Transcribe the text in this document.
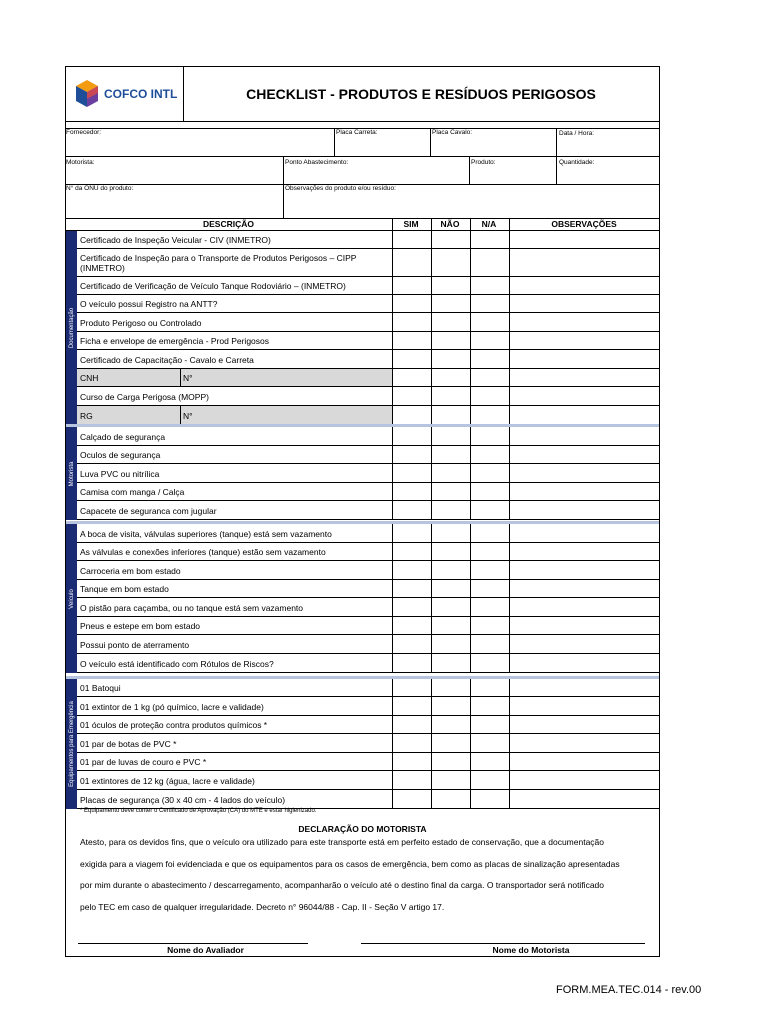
COFCO INTL	CHECKLIST - PRODUTOS E RESÍDUOS PERIGOSOS
Fornecedor:	Placa Carreta:	Placa Cavalo:	Data / Hora:
Motorista:	Ponto Abastecimento:	Produto:	Quantidade:
N° da ONU do produto:	Observações do produto e/ou resíduo:
DESCRIÇÃO	SIM	NÃO	N/A	OBSERVAÇÕES
Documentação
Certificado de Inspeção Veicular - CIV (INMETRO)
Certificado de Inspeção para o Transporte de Produtos Perigosos – CIPP (INMETRO)
Certificado de Verificação de Veículo Tanque Rodoviário – (INMETRO)
O veículo possui Registro na ANTT?
Produto Perigoso ou Controlado
Ficha e envelope de emergência - Prod Perigosos
Certificado de Capacitação - Cavalo e Carreta
CNH	N°
Curso de Carga Perigosa (MOPP)
RG	N°
Motorista
Calçado de segurança
Oculos de segurança
Luva PVC ou nitrílica
Camisa com manga / Calça
Capacete de seguranca com jugular
Veículo
A boca de visita, válvulas superiores (tanque) está sem vazamento
As válvulas e conexões inferiores (tanque) estão sem vazamento
Carroceria em bom estado
Tanque em bom estado
O pistão para caçamba, ou no tanque está sem vazamento
Pneus e estepe em bom estado
Possui ponto de aterramento
O veículo está identificado com Rótulos de Riscos?
Equipamentos para Emergência
01 Batoqui
01 extintor de 1 kg (pó químico, lacre e validade)
01 óculos de proteção contra produtos químicos *
01 par de botas de PVC *
01 par de luvas de couro e PVC *
01 extintores de 12 kg (água, lacre e validade)
Placas de segurança (30 x 40 cm - 4 lados do veículo)
* Equipamento deve conter o Certificado de Aprovação (CA) do MTE e estar higienizado.
DECLARAÇÃO DO MOTORISTA
Atesto, para os devidos fins, que o veículo ora utilizado para este transporte está em perfeito estado de conservação, que a documentação
exigida para a viagem foi evidenciada e que os equipamentos para os casos de emergência, bem como as placas de sinalização apresentadas
por mim durante o abastecimento / descarregamento, acompanharão o veículo até o destino final da carga. O transportador será notificado
pelo TEC em caso de qualquer irregularidade. Decreto n° 96044/88 - Cap. II - Seção V artigo 17.
Nome do Avaliador	Nome do Motorista
FORM.MEA.TEC.014 - rev.00
